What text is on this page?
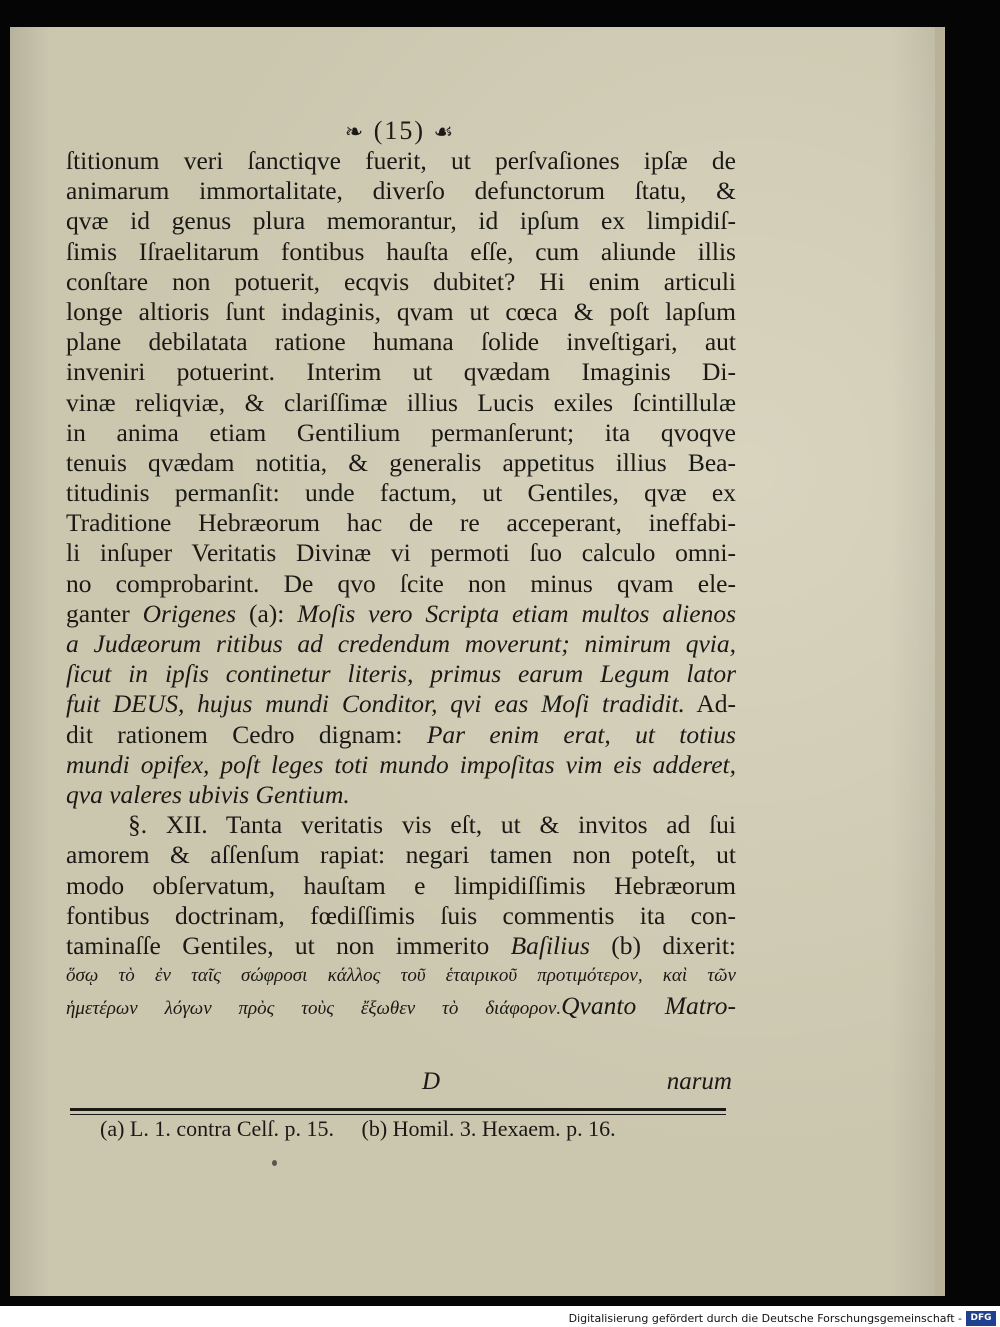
❧ (15) ☙
ſtitionum veri ſanctiqve fuerit, ut perſvaſiones ipſæ de
animarum immortalitate, diverſo defunctorum ſtatu, &
qvæ id genus plura memorantur, id ipſum ex limpidiſ-
ſimis Iſraelitarum fontibus hauſta eſſe, cum aliunde illis
conſtare non potuerit, ecqvis dubitet? Hi enim articuli
longe altioris ſunt indaginis, qvam ut cœca & poſt lapſum
plane debilatata ratione humana ſolide inveſtigari, aut
inveniri potuerint. Interim ut qvædam Imaginis Di-
vinæ reliqviæ, & clariſſimæ illius Lucis exiles ſcintillulæ
in anima etiam Gentilium permanſerunt; ita qvoqve
tenuis qvædam notitia, & generalis appetitus illius Bea-
titudinis permanſit: unde factum, ut Gentiles, qvæ ex
Traditione Hebræorum hac de re acceperant, ineffabi-
li inſuper Veritatis Divinæ vi permoti ſuo calculo omni-
no comprobarint. De qvo ſcite non minus qvam ele-
ganter Origenes (a): Moſis vero Scripta etiam multos alienos
a Judæorum ritibus ad credendum moverunt; nimirum qvia,
ſicut in ipſis continetur literis, primus earum Legum lator
fuit DEUS, hujus mundi Conditor, qvi eas Moſi tradidit. Ad-
dit rationem Cedro dignam: Par enim erat, ut totius
mundi opifex, poſt leges toti mundo impoſitas vim eis adderet,
qva valeres ubivis Gentium.
§. XII. Tanta veritatis vis eſt, ut & invitos ad ſui
amorem & aſſenſum rapiat: negari tamen non poteſt, ut
modo obſervatum, hauſtam e limpidiſſimis Hebræorum
fontibus doctrinam, fœdiſſimis ſuis commentis ita con-
taminaſſe Gentiles, ut non immerito Baſilius (b) dixerit:
ὅσῳ τὸ ἐν ταῖς σώφροσι κάλλος τοῦ ἑταιρικοῦ προτιμότερον, καὶ τῶν
ἡμετέρων λόγων πρὸς τοὺς ἔξωθεν τὸ διάφορον.Qvanto Matro-
D	narum
(a) L. 1. contra Celſ. p. 15. (b) Homil. 3. Hexaem. p. 16.
Digitalisierung gefördert durch die Deutsche Forschungsgemeinschaft - DFG
